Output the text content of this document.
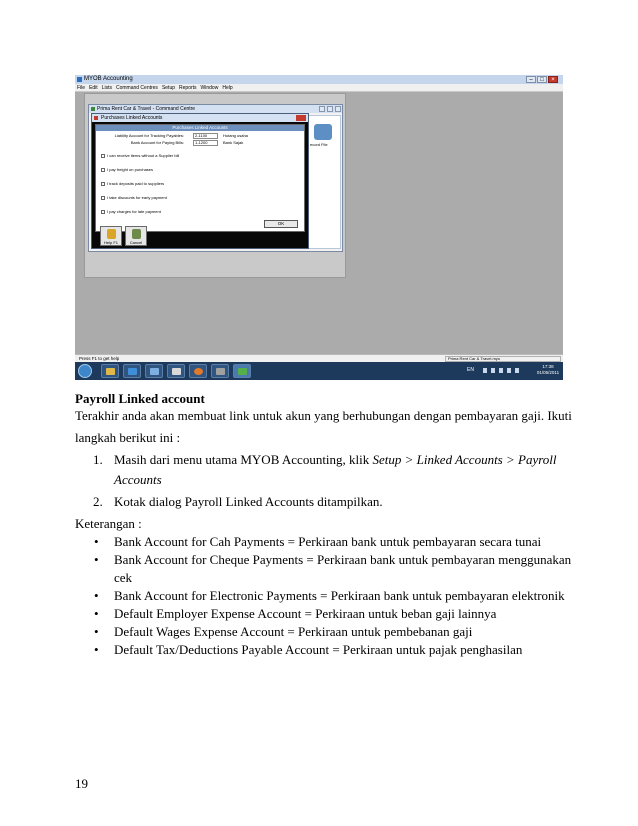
MYOB Accounting	–	□	×
File Edit Lists Command Centres Setup Reports Window Help
Prima Rent Car & Travel - Command Centre
ecord File
Purchases Linked Accounts
Purchases Linked Accounts
Liability Account for Tracking Payables:	2-1100	Hutang usaha
Bank Account for Paying Bills:	1-1200	Bank Sajak
I can receive items without a Supplier bill
I pay freight on purchases
I track deposits paid to suppliers
I take discounts for early payment
I pay charges for late payment
OK
Help F1	Cancel
Press F1 to get help	Prima Rent Car & Travel.myo
EN
17:38
01/05/2011
Payroll Linked account
Terakhir anda akan membuat link untuk akun yang berhubungan dengan pembayaran gaji. Ikuti
langkah berikut ini :
1. Masih dari menu utama MYOB Accounting, klik Setup > Linked Accounts > Payroll
Accounts
2. Kotak dialog Payroll Linked Accounts ditampilkan.
Keterangan :
• Bank Account for Cah Payments = Perkiraan bank untuk pembayaran secara tunai
• Bank Account for Cheque Payments = Perkiraan bank untuk pembayaran menggunakan
cek
• Bank Account for Electronic Payments = Perkiraan bank untuk pembayaran elektronik
• Default Employer Expense Account = Perkiraan untuk beban gaji lainnya
• Default Wages Expense Account = Perkiraan untuk pembebanan gaji
• Default Tax/Deductions Payable Account = Perkiraan untuk pajak penghasilan
19
